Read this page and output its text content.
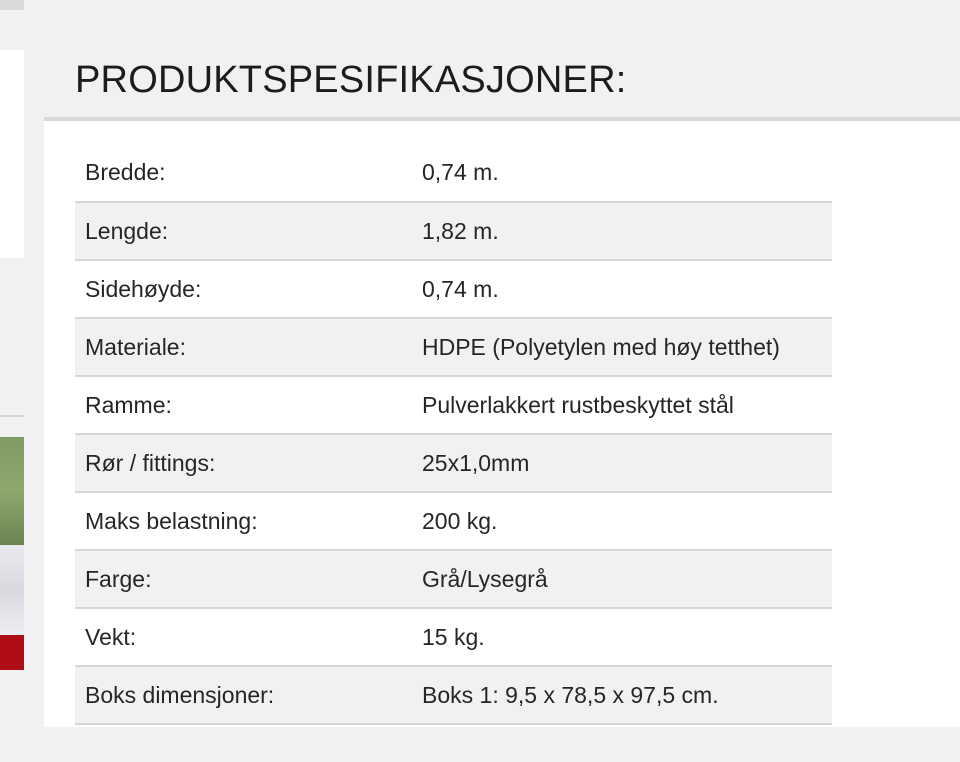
PRODUKTSPESIFIKASJONER:
Bredde:	0,74 m.
Lengde:	1,82 m.
Sidehøyde:	0,74 m.
Materiale:	HDPE (Polyetylen med høy tetthet)
Ramme:	Pulverlakkert rustbeskyttet stål
Rør / fittings:	25x1,0mm
Maks belastning:	200 kg.
Farge:	Grå/Lysegrå
Vekt:	15 kg.
Boks dimensjoner:	Boks 1: 9,5 x 78,5 x 97,5 cm.
